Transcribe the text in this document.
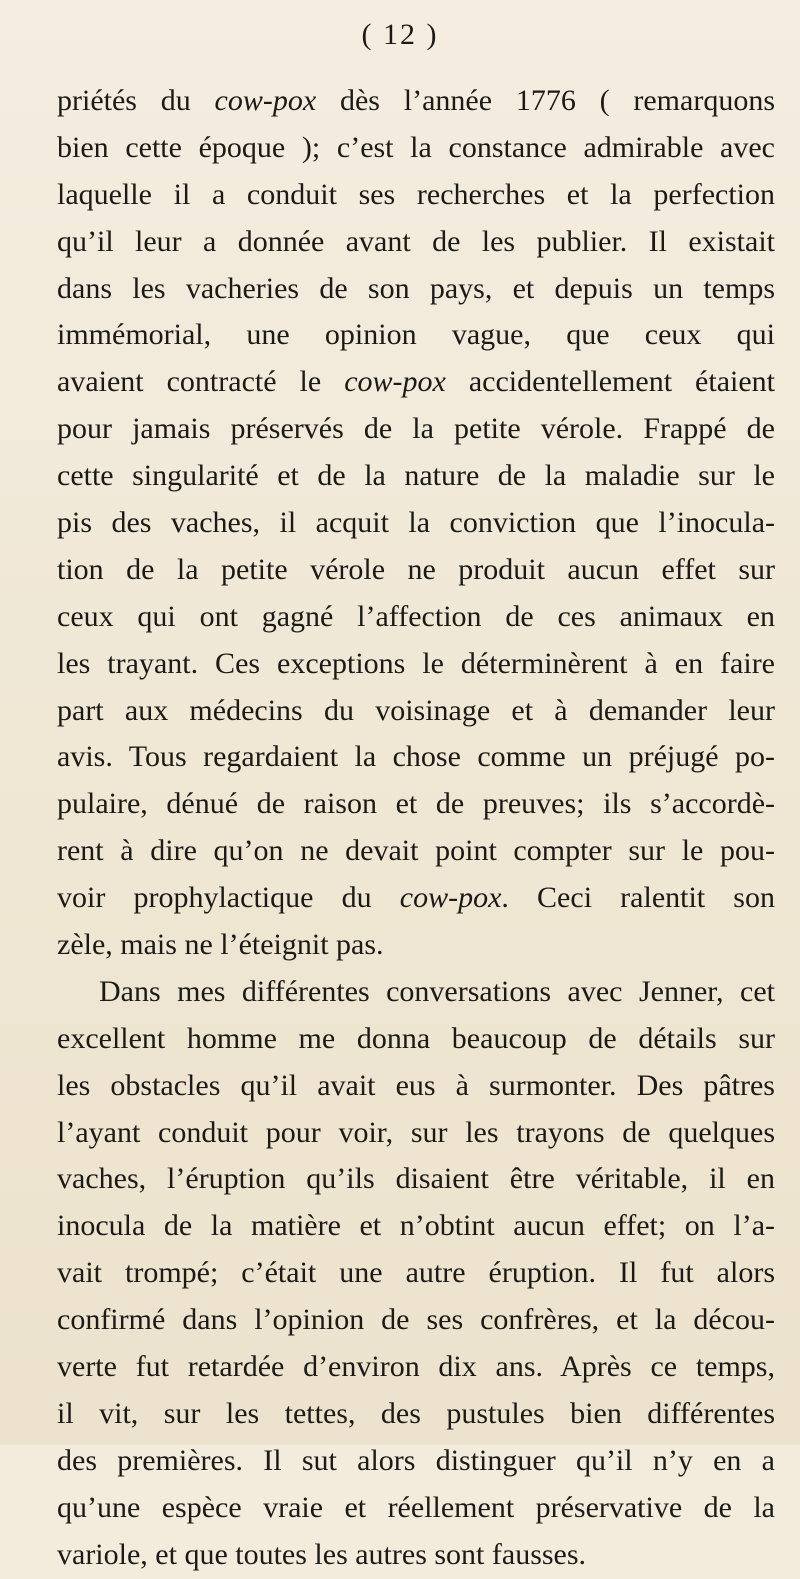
( 12 )
priétés du cow-pox dès l’année 1776 ( remarquons
bien cette époque ); c’est la constance admirable avec
laquelle il a conduit ses recherches et la perfection
qu’il leur a donnée avant de les publier. Il existait
dans les vacheries de son pays, et depuis un temps
immémorial, une opinion vague, que ceux qui
avaient contracté le cow-pox accidentellement étaient
pour jamais préservés de la petite vérole. Frappé de
cette singularité et de la nature de la maladie sur le
pis des vaches, il acquit la conviction que l’inocula-
tion de la petite vérole ne produit aucun effet sur
ceux qui ont gagné l’affection de ces animaux en
les trayant. Ces exceptions le déterminèrent à en faire
part aux médecins du voisinage et à demander leur
avis. Tous regardaient la chose comme un préjugé po-
pulaire, dénué de raison et de preuves; ils s’accordè-
rent à dire qu’on ne devait point compter sur le pou-
voir prophylactique du cow-pox. Ceci ralentit son
zèle, mais ne l’éteignit pas.
Dans mes différentes conversations avec Jenner, cet
excellent homme me donna beaucoup de détails sur
les obstacles qu’il avait eus à surmonter. Des pâtres
l’ayant conduit pour voir, sur les trayons de quelques
vaches, l’éruption qu’ils disaient être véritable, il en
inocula de la matière et n’obtint aucun effet; on l’a-
vait trompé; c’était une autre éruption. Il fut alors
confirmé dans l’opinion de ses confrères, et la décou-
verte fut retardée d’environ dix ans. Après ce temps,
il vit, sur les tettes, des pustules bien différentes
des premières. Il sut alors distinguer qu’il n’y en a
qu’une espèce vraie et réellement préservative de la
variole, et que toutes les autres sont fausses.
